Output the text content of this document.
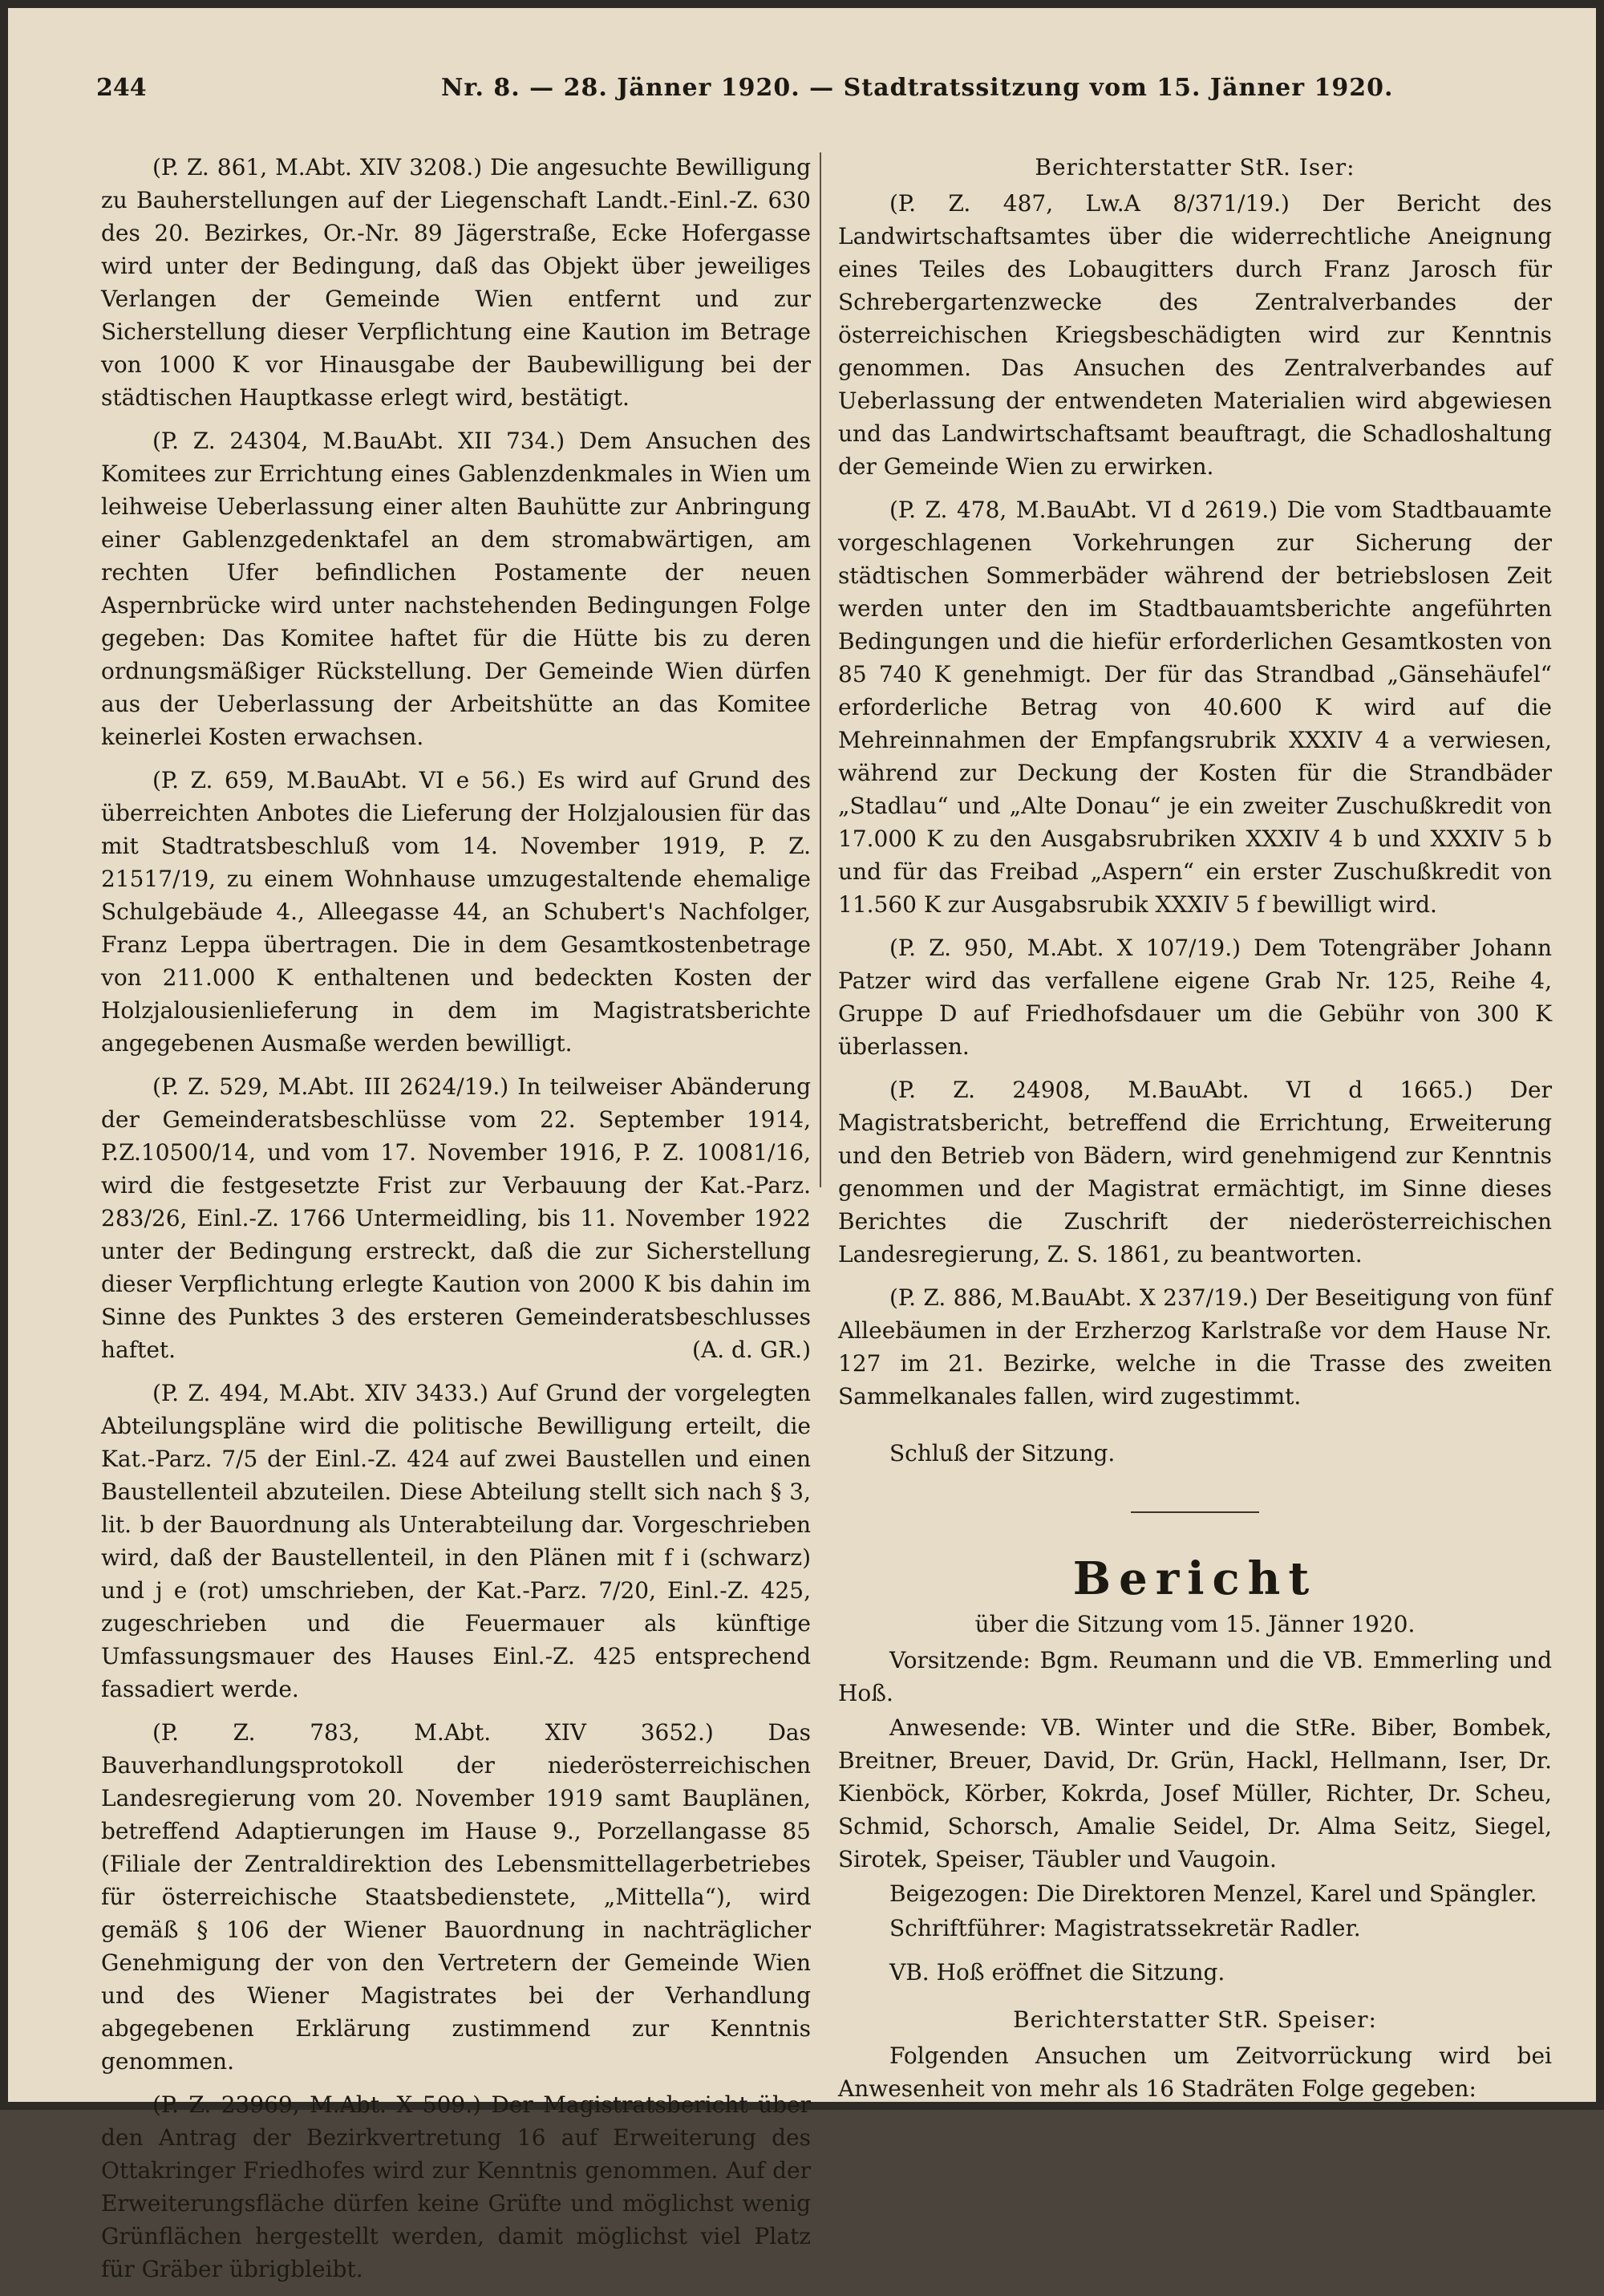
244	Nr. 8. — 28. Jänner 1920. — Stadtratssitzung vom 15. Jänner 1920.

(P. Z. 861, M.Abt. XIV 3208.) Die angesuchte Bewilligung zu Bauherstellungen auf der Liegenschaft Landt.-Einl.-Z. 630 des 20. Bezirkes, Or.-Nr. 89 Jägerstraße, Ecke Hofergasse wird unter der Bedingung, daß das Objekt über jeweiliges Verlangen der Gemeinde Wien entfernt und zur Sicherstellung dieser Verpflichtung eine Kaution im Betrage von 1000 K vor Hinausgabe der Baubewilligung bei der städtischen Hauptkasse erlegt wird, bestätigt.

(P. Z. 24304, M.BauAbt. XII 734.) Dem Ansuchen des Komitees zur Errichtung eines Gablenzdenkmales in Wien um leihweise Ueberlassung einer alten Bauhütte zur Anbringung einer Gablenzgedenktafel an dem stromabwärtigen, am rechten Ufer befindlichen Postamente der neuen Aspernbrücke wird unter nachstehenden Bedingungen Folge gegeben: Das Komitee haftet für die Hütte bis zu deren ordnungsmäßiger Rückstellung. Der Gemeinde Wien dürfen aus der Ueberlassung der Arbeitshütte an das Komitee keinerlei Kosten erwachsen.

(P. Z. 659, M.BauAbt. VI e 56.) Es wird auf Grund des überreichten Anbotes die Lieferung der Holzjalousien für das mit Stadtratsbeschluß vom 14. November 1919, P. Z. 21517/19, zu einem Wohnhause umzugestaltende ehemalige Schulgebäude 4., Alleegasse 44, an Schubert's Nachfolger, Franz Leppa übertragen. Die in dem Gesamtkostenbetrage von 211.000 K enthaltenen und bedeckten Kosten der Holzjalousienlieferung in dem im Magistratsberichte angegebenen Ausmaße werden bewilligt.

(P. Z. 529, M.Abt. III 2624/19.) In teilweiser Abänderung der Gemeinderatsbeschlüsse vom 22. September 1914, P.Z.10500/14, und vom 17. November 1916, P. Z. 10081/16, wird die festgesetzte Frist zur Verbauung der Kat.-Parz. 283/26, Einl.-Z. 1766 Untermeidling, bis 11. November 1922 unter der Bedingung erstreckt, daß die zur Sicherstellung dieser Verpflichtung erlegte Kaution von 2000 K bis dahin im Sinne des Punktes 3 des ersteren Gemeinderatsbeschlusses haftet.	(A. d. GR.)

(P. Z. 494, M.Abt. XIV 3433.) Auf Grund der vorgelegten Abteilungspläne wird die politische Bewilligung erteilt, die Kat.-Parz. 7/5 der Einl.-Z. 424 auf zwei Baustellen und einen Baustellenteil abzuteilen. Diese Abteilung stellt sich nach § 3, lit. b der Bauordnung als Unterabteilung dar. Vorgeschrieben wird, daß der Baustellenteil, in den Plänen mit f i (schwarz) und j e (rot) umschrieben, der Kat.-Parz. 7/20, Einl.-Z. 425, zugeschrieben und die Feuermauer als künftige Umfassungsmauer des Hauses Einl.-Z. 425 entsprechend fassadiert werde.

(P. Z. 783, M.Abt. XIV 3652.) Das Bauverhandlungsprotokoll der niederösterreichischen Landesregierung vom 20. November 1919 samt Bauplänen, betreffend Adaptierungen im Hause 9., Porzellangasse 85 (Filiale der Zentraldirektion des Lebensmittellagerbetriebes für österreichische Staatsbedienstete, „Mittella“), wird gemäß § 106 der Wiener Bauordnung in nachträglicher Genehmigung der von den Vertretern der Gemeinde Wien und des Wiener Magistrates bei der Verhandlung abgegebenen Erklärung zustimmend zur Kenntnis genommen.

(P. Z. 23969, M.Abt. X 509.) Der Magistratsbericht über den Antrag der Bezirkvertretung 16 auf Erweiterung des Ottakringer Friedhofes wird zur Kenntnis genommen. Auf der Erweiterungsfläche dürfen keine Grüfte und möglichst wenig Grünflächen hergestellt werden, damit möglichst viel Platz für Gräber übrigbleibt.

Berichterstatter StR. Iser:

(P. Z. 487, Lw.A 8/371/19.) Der Bericht des Landwirtschaftsamtes über die widerrechtliche Aneignung eines Teiles des Lobaugitters durch Franz Jarosch für Schrebergartenzwecke des Zentralverbandes der österreichischen Kriegsbeschädigten wird zur Kenntnis genommen. Das Ansuchen des Zentralverbandes auf Ueberlassung der entwendeten Materialien wird abgewiesen und das Landwirtschaftsamt beauftragt, die Schadloshaltung der Gemeinde Wien zu erwirken.

(P. Z. 478, M.BauAbt. VI d 2619.) Die vom Stadtbauamte vorgeschlagenen Vorkehrungen zur Sicherung der städtischen Sommerbäder während der betriebslosen Zeit werden unter den im Stadtbauamtsberichte angeführten Bedingungen und die hiefür erforderlichen Gesamtkosten von 85 740 K genehmigt. Der für das Strandbad „Gänsehäufel“ erforderliche Betrag von 40.600 K wird auf die Mehreinnahmen der Empfangsrubrik XXXIV 4 a verwiesen, während zur Deckung der Kosten für die Strandbäder „Stadlau“ und „Alte Donau“ je ein zweiter Zuschußkredit von 17.000 K zu den Ausgabsrubriken XXXIV 4 b und XXXIV 5 b und für das Freibad „Aspern“ ein erster Zuschußkredit von 11.560 K zur Ausgabsrubik XXXIV 5 f bewilligt wird.

(P. Z. 950, M.Abt. X 107/19.) Dem Totengräber Johann Patzer wird das verfallene eigene Grab Nr. 125, Reihe 4, Gruppe D auf Friedhofsdauer um die Gebühr von 300 K überlassen.

(P. Z. 24908, M.BauAbt. VI d 1665.) Der Magistratsbericht, betreffend die Errichtung, Erweiterung und den Betrieb von Bädern, wird genehmigend zur Kenntnis genommen und der Magistrat ermächtigt, im Sinne dieses Berichtes die Zuschrift der niederösterreichischen Landesregierung, Z. S. 1861, zu beantworten.

(P. Z. 886, M.BauAbt. X 237/19.) Der Beseitigung von fünf Alleebäumen in der Erzherzog Karlstraße vor dem Hause Nr. 127 im 21. Bezirke, welche in die Trasse des zweiten Sammelkanales fallen, wird zugestimmt.

Schluß der Sitzung.

Bericht
über die Sitzung vom 15. Jänner 1920.

Vorsitzende: Bgm. Reumann und die VB. Emmerling und Hoß.

Anwesende: VB. Winter und die StRe. Biber, Bombek, Breitner, Breuer, David, Dr. Grün, Hackl, Hellmann, Iser, Dr. Kienböck, Körber, Kokrda, Josef Müller, Richter, Dr. Scheu, Schmid, Schorsch, Amalie Seidel, Dr. Alma Seitz, Siegel, Sirotek, Speiser, Täubler und Vaugoin.

Beigezogen: Die Direktoren Menzel, Karel und Spängler.

Schriftführer: Magistratssekretär Radler.

VB. Hoß eröffnet die Sitzung.

Berichterstatter StR. Speiser:

Folgenden Ansuchen um Zeitvorrückung wird bei Anwesenheit von mehr als 16 Stadräten Folge gegeben:
